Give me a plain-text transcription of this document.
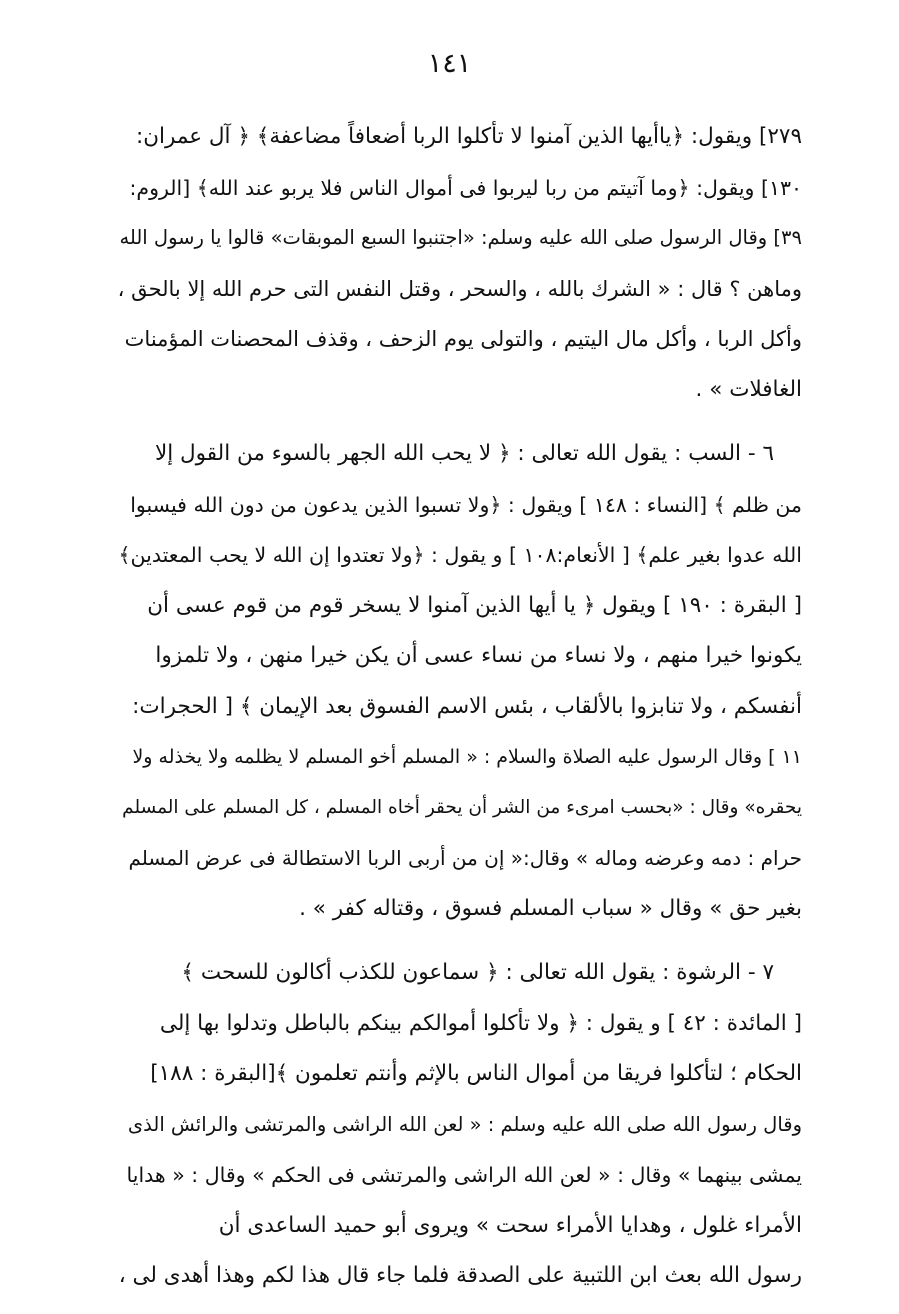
١٤١
٢٧٩] ويقول: ﴿ياأيها الذين آمنوا لا تأكلوا الربا أضعافاً مضاعفة﴾ ﴿ آل عمران:
١٣٠] ويقول: ﴿وما آتيتم من ربا ليربوا فى أموال الناس فلا يربو عند الله﴾ [الروم:
٣٩] وقال الرسول صلى الله عليه وسلم: «اجتنبوا السبع الموبقات» قالوا يا رسول الله
وماهن ؟ قال : « الشرك بالله ، والسحر ، وقتل النفس التى حرم الله إلا بالحق ،
وأكل الربا ، وأكل مال اليتيم ، والتولى يوم الزحف ، وقذف المحصنات المؤمنات
الغافلات » .
٦ - السب : يقول الله تعالى : ﴿ لا يحب الله الجهر بالسوء من القول إلا
من ظلم ﴾ [النساء : ١٤٨ ] ويقول : ﴿ولا تسبوا الذين يدعون من دون الله فيسبوا
الله عدوا بغير علم﴾ [ الأنعام:١٠٨ ] و يقول : ﴿ولا تعتدوا إن الله لا يحب المعتدين﴾
[ البقرة : ١٩٠ ] ويقول ﴿ يا أيها الذين آمنوا لا يسخر قوم من قوم عسى أن
يكونوا خيرا منهم ، ولا نساء من نساء عسى أن يكن خيرا منهن ، ولا تلمزوا
أنفسكم ، ولا تنابزوا بالألقاب ، بئس الاسم الفسوق بعد الإيمان ﴾ [ الحجرات:
١١ ] وقال الرسول عليه الصلاة والسلام : « المسلم أخو المسلم لا يظلمه ولا يخذله ولا
يحقره» وقال : «بحسب امرىء من الشر أن يحقر أخاه المسلم ، كل المسلم على المسلم
حرام : دمه وعرضه وماله » وقال:« إن من أربى الربا الاستطالة فى عرض المسلم
بغير حق » وقال « سباب المسلم فسوق ، وقتاله كفر » .
٧ - الرشوة : يقول الله تعالى : ﴿ سماعون للكذب أكالون للسحت ﴾
[ المائدة : ٤٢ ] و يقول : ﴿ ولا تأكلوا أموالكم بينكم بالباطل وتدلوا بها إلى
الحكام ؛ لتأكلوا فريقا من أموال الناس بالإثم وأنتم تعلمون ﴾[البقرة : ١٨٨]
وقال رسول الله صلى الله عليه وسلم : « لعن الله الراشى والمرتشى والرائش الذى
يمشى بينهما » وقال : « لعن الله الراشى والمرتشى فى الحكم » وقال : « هدايا
الأمراء غلول ، وهدايا الأمراء سحت » ويروى أبو حميد الساعدى أن
رسول الله بعث ابن اللتبية على الصدقة فلما جاء قال هذا لكم وهذا أهدى لى ،
